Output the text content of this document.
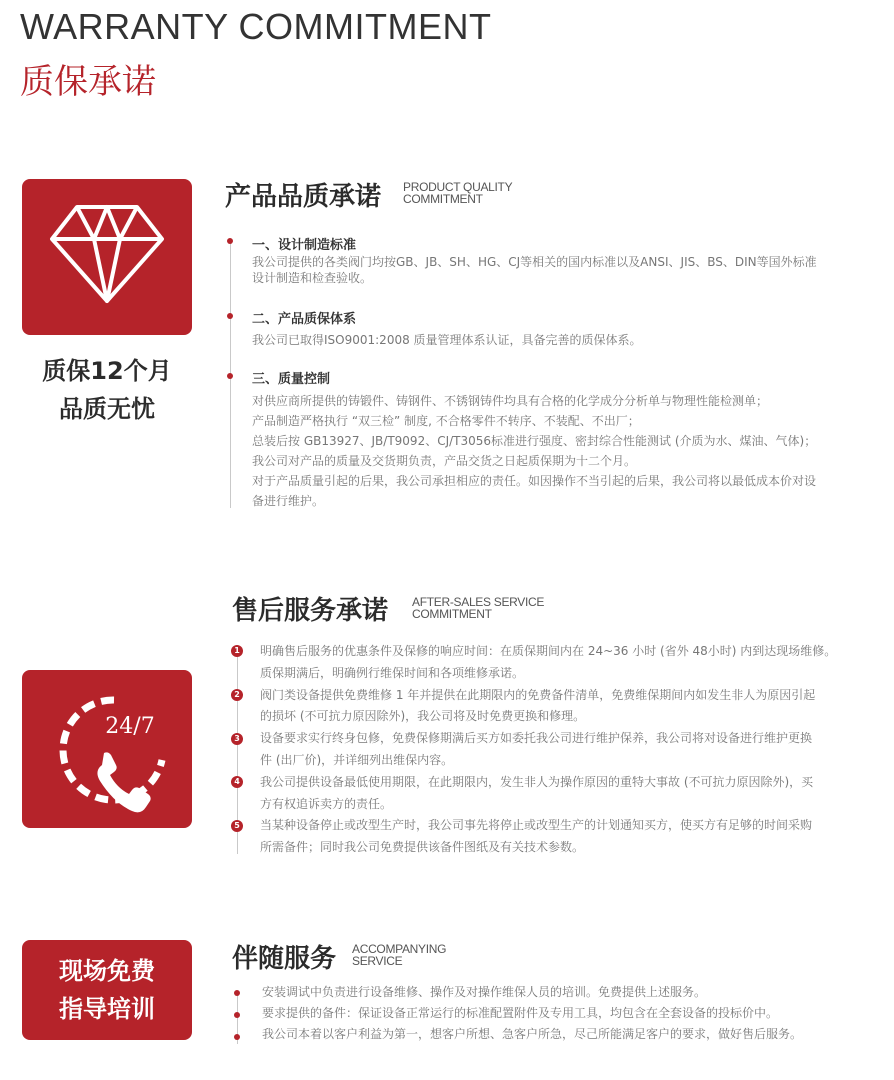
WARRANTY COMMITMENT
质保承诺
质保12个月
品质无忧
产品品质承诺 PRODUCT QUALITY
COMMITMENT
一、设计制造标准
我公司提供的各类阀门均按GB、JB、SH、HG、CJ等相关的国内标准以及ANSI、JIS、BS、DIN等国外标准
设计制造和检查验收。
二、产品质保体系
我公司已取得ISO9001:2008 质量管理体系认证，具备完善的质保体系。
三、质量控制
对供应商所提供的铸锻件、铸钢件、不锈钢铸件均具有合格的化学成分分析单与物理性能检测单；
产品制造严格执行 “双三检” 制度, 不合格零件不转序、不装配、不出厂；
总装后按 GB13927、JB/T9092、CJ/T3056标准进行强度、密封综合性能测试 (介质为水、煤油、气体)；
我公司对产品的质量及交货期负责，产品交货之日起质保期为十二个月。
对于产品质量引起的后果，我公司承担相应的责任。如因操作不当引起的后果，我公司将以最低成本价对设
备进行维护。
24/7
售后服务承诺 AFTER-SALES SERVICE
COMMITMENT
1
2
3
4
5
明确售后服务的优惠条件及保修的响应时间：在质保期间内在 24~36 小时 (省外 48小时) 内到达现场维修。
质保期满后，明确例行维保时间和各项维修承诺。
阀门类设备提供免费维修 1 年并提供在此期限内的免费备件清单，免费维保期间内如发生非人为原因引起
的损坏 (不可抗力原因除外)，我公司将及时免费更换和修理。
设备要求实行终身包修，免费保修期满后买方如委托我公司进行维护保养，我公司将对设备进行维护更换
件 (出厂价)，并详细列出维保内容。
我公司提供设备最低使用期限，在此期限内，发生非人为操作原因的重特大事故 (不可抗力原因除外)，买
方有权追诉卖方的责任。
当某种设备停止或改型生产时，我公司事先将停止或改型生产的计划通知买方，使买方有足够的时间采购
所需备件；同时我公司免费提供该备件图纸及有关技术参数。
现场免费
指导培训
伴随服务 ACCOMPANYING
SERVICE
安装调试中负责进行设备维修、操作及对操作维保人员的培训。免费提供上述服务。
要求提供的备件：保证设备正常运行的标准配置附件及专用工具，均包含在全套设备的投标价中。
我公司本着以客户利益为第一，想客户所想、急客户所急，尽己所能满足客户的要求，做好售后服务。
